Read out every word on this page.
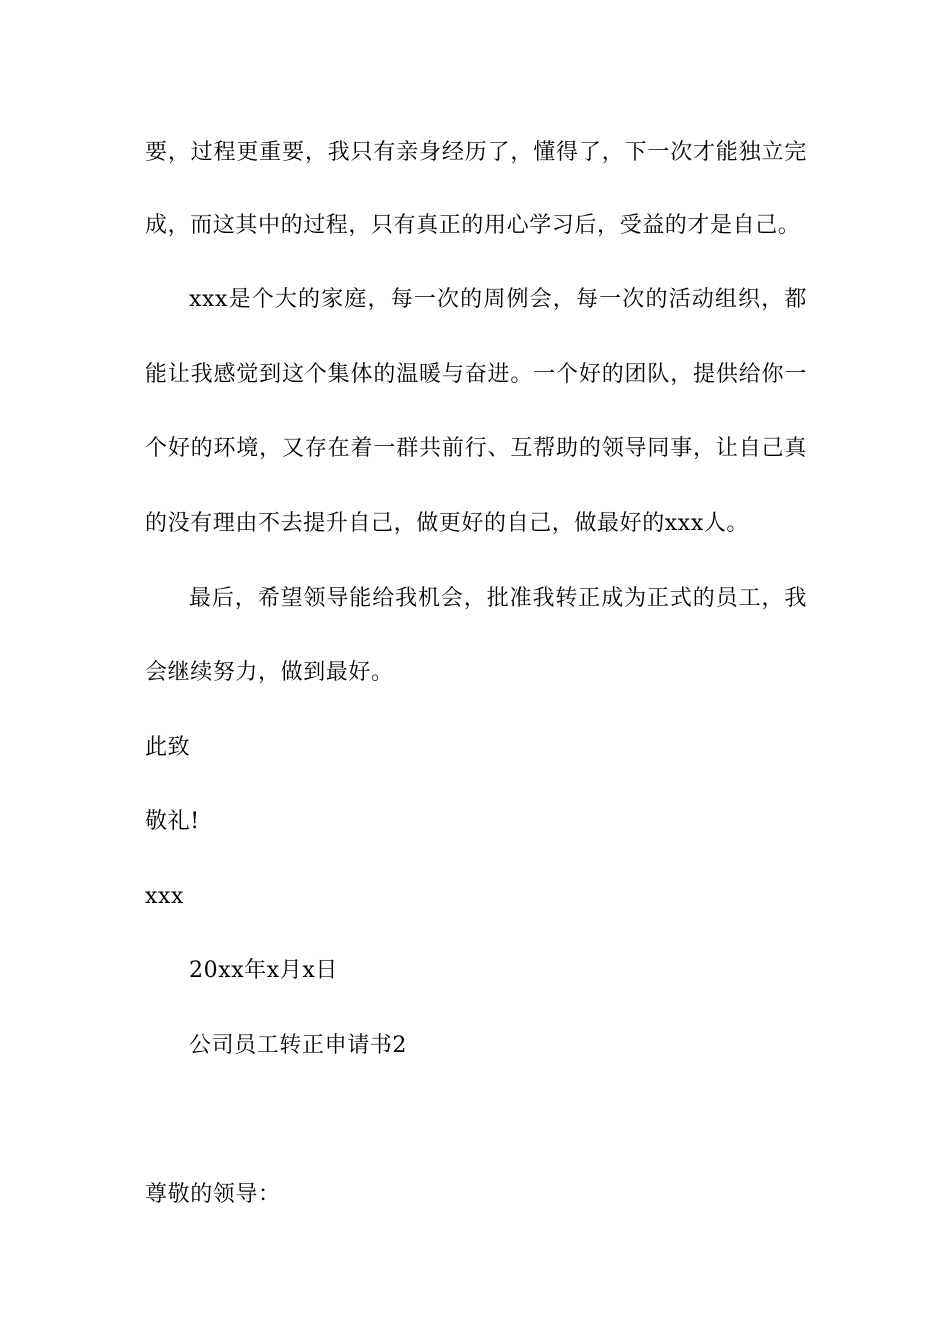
要，过程更重要，我只有亲身经历了，懂得了，下一次才能独立完
成，而这其中的过程，只有真正的用心学习后，受益的才是自己。
xxx是个大的家庭，每一次的周例会，每一次的活动组织，都
能让我感觉到这个集体的温暖与奋进。一个好的团队，提供给你一
个好的环境，又存在着一群共前行、互帮助的领导同事，让自己真
的没有理由不去提升自己，做更好的自己，做最好的xxx人。
最后，希望领导能给我机会，批准我转正成为正式的员工，我
会继续努力，做到最好。
此致
敬礼!
xxx
20xx年x月x日
公司员工转正申请书2
尊敬的领导：
